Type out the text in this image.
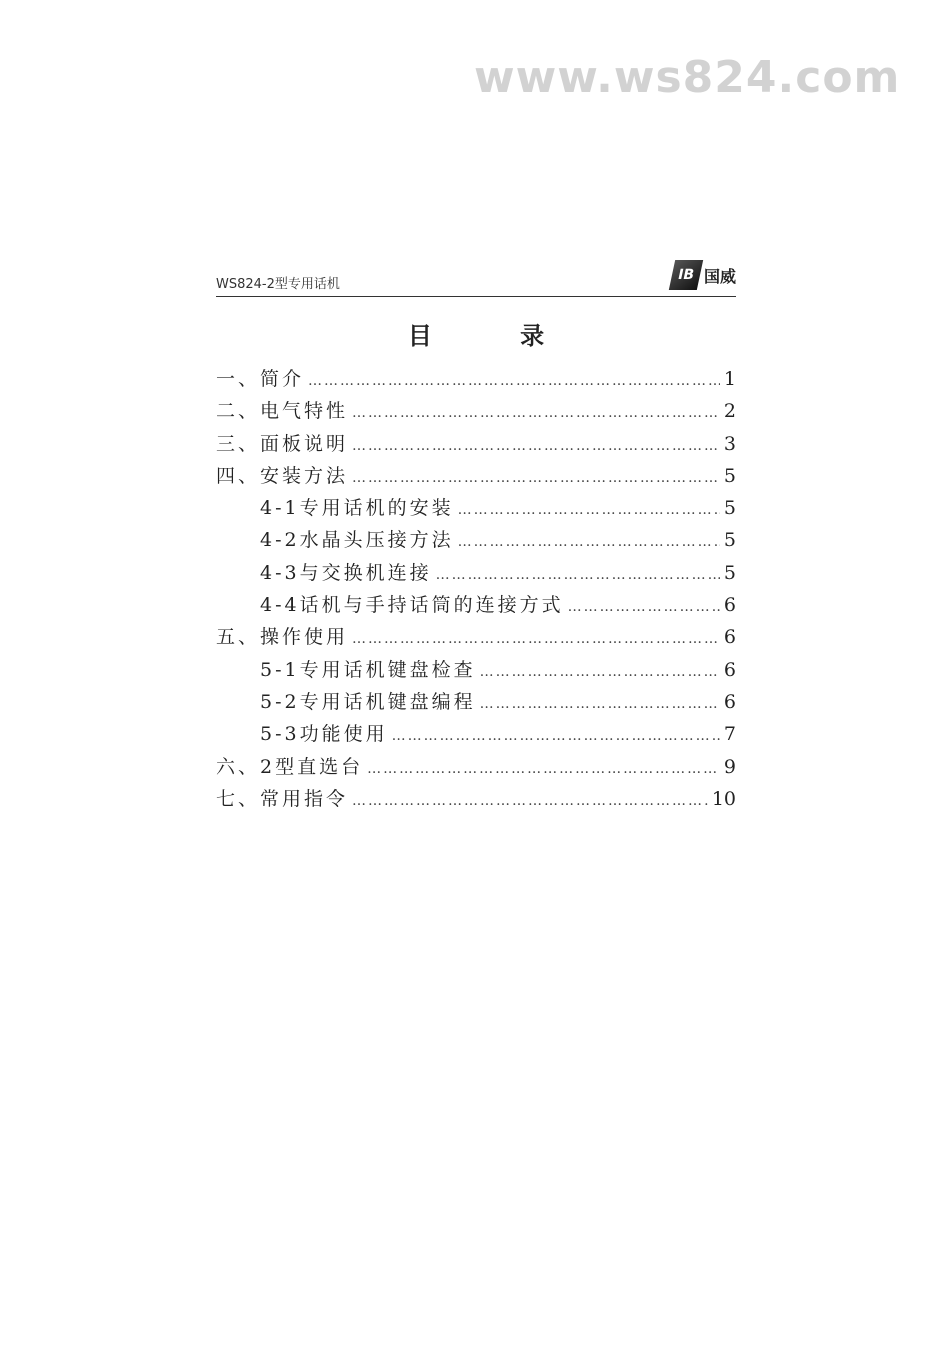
www.ws824.com
WS824-2型专用话机
IB 国威
目 录
一、简介 ………………………………………………………………………………………………………………	1
二、电气特性 ………………………………………………………………………………………………………………	2
三、面板说明 ………………………………………………………………………………………………………………	3
四、安装方法 ………………………………………………………………………………………………………………	5
4-1专用话机的安装 ………………………………………………………………………………………………………………	5
4-2水晶头压接方法 ………………………………………………………………………………………………………………	5
4-3与交换机连接 ………………………………………………………………………………………………………………	5
4-4话机与手持话筒的连接方式 ………………………………………………………………………………………………………………	6
五、操作使用 ………………………………………………………………………………………………………………	6
5-1专用话机键盘检查 ………………………………………………………………………………………………………………	6
5-2专用话机键盘编程 ………………………………………………………………………………………………………………	6
5-3功能使用 ………………………………………………………………………………………………………………	7
六、2型直选台 ………………………………………………………………………………………………………………	9
七、常用指令 ………………………………………………………………………………………………………………	10
